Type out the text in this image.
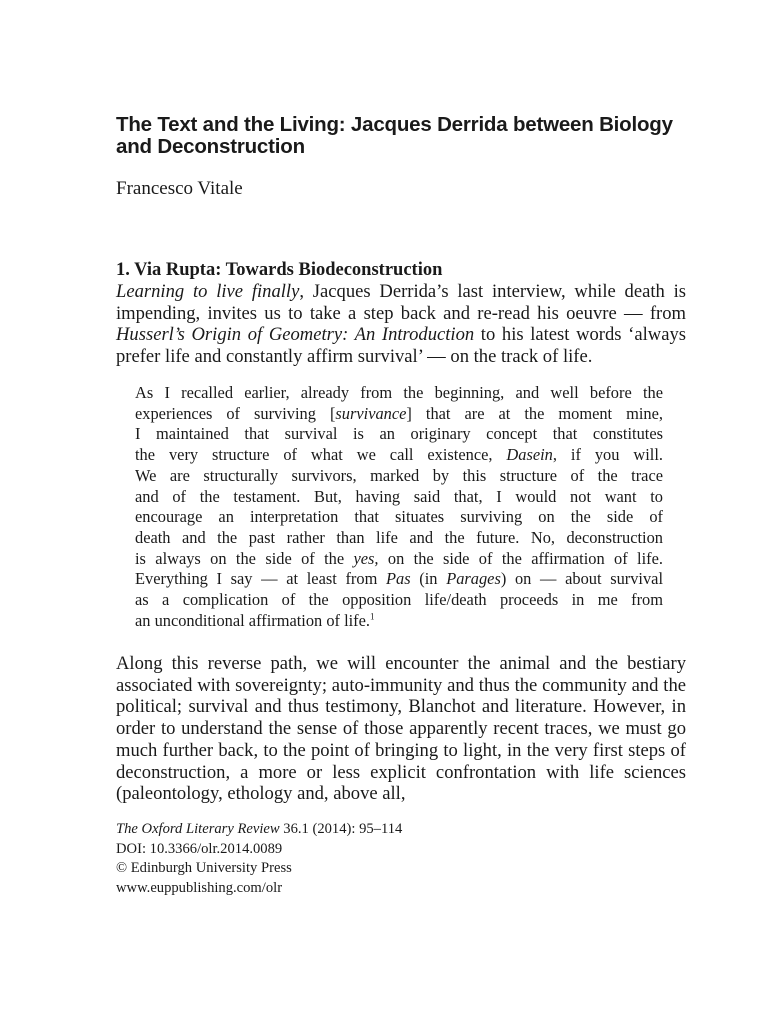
The Text and the Living: Jacques Derrida between Biology and Deconstruction

Francesco Vitale

1. Via Rupta: Towards Biodeconstruction

Learning to live finally, Jacques Derrida’s last interview, while death is impending, invites us to take a step back and re-read his oeuvre — from Husserl’s Origin of Geometry: An Introduction to his latest words ‘always prefer life and constantly affirm survival’ — on the track of life.

As I recalled earlier, already from the beginning, and well before the
experiences of surviving [survivance] that are at the moment mine,
I maintained that survival is an originary concept that constitutes
the very structure of what we call existence, Dasein, if you will.
We are structurally survivors, marked by this structure of the trace
and of the testament. But, having said that, I would not want to
encourage an interpretation that situates surviving on the side of
death and the past rather than life and the future. No, deconstruction
is always on the side of the yes, on the side of the affirmation of life.
Everything I say — at least from Pas (in Parages) on — about survival
as a complication of the opposition life/death proceeds in me from
an unconditional affirmation of life.$^1$

Along this reverse path, we will encounter the animal and the bestiary associated with sovereignty; auto-immunity and thus the community and the political; survival and thus testimony, Blanchot and literature. However, in order to understand the sense of those apparently recent traces, we must go much further back, to the point of bringing to light, in the very first steps of deconstruction, a more or less explicit confrontation with life sciences (paleontology, ethology and, above all,

The Oxford Literary Review 36.1 (2014): 95–114
DOI: 10.3366/olr.2014.0089
© Edinburgh University Press
www.euppublishing.com/olr
